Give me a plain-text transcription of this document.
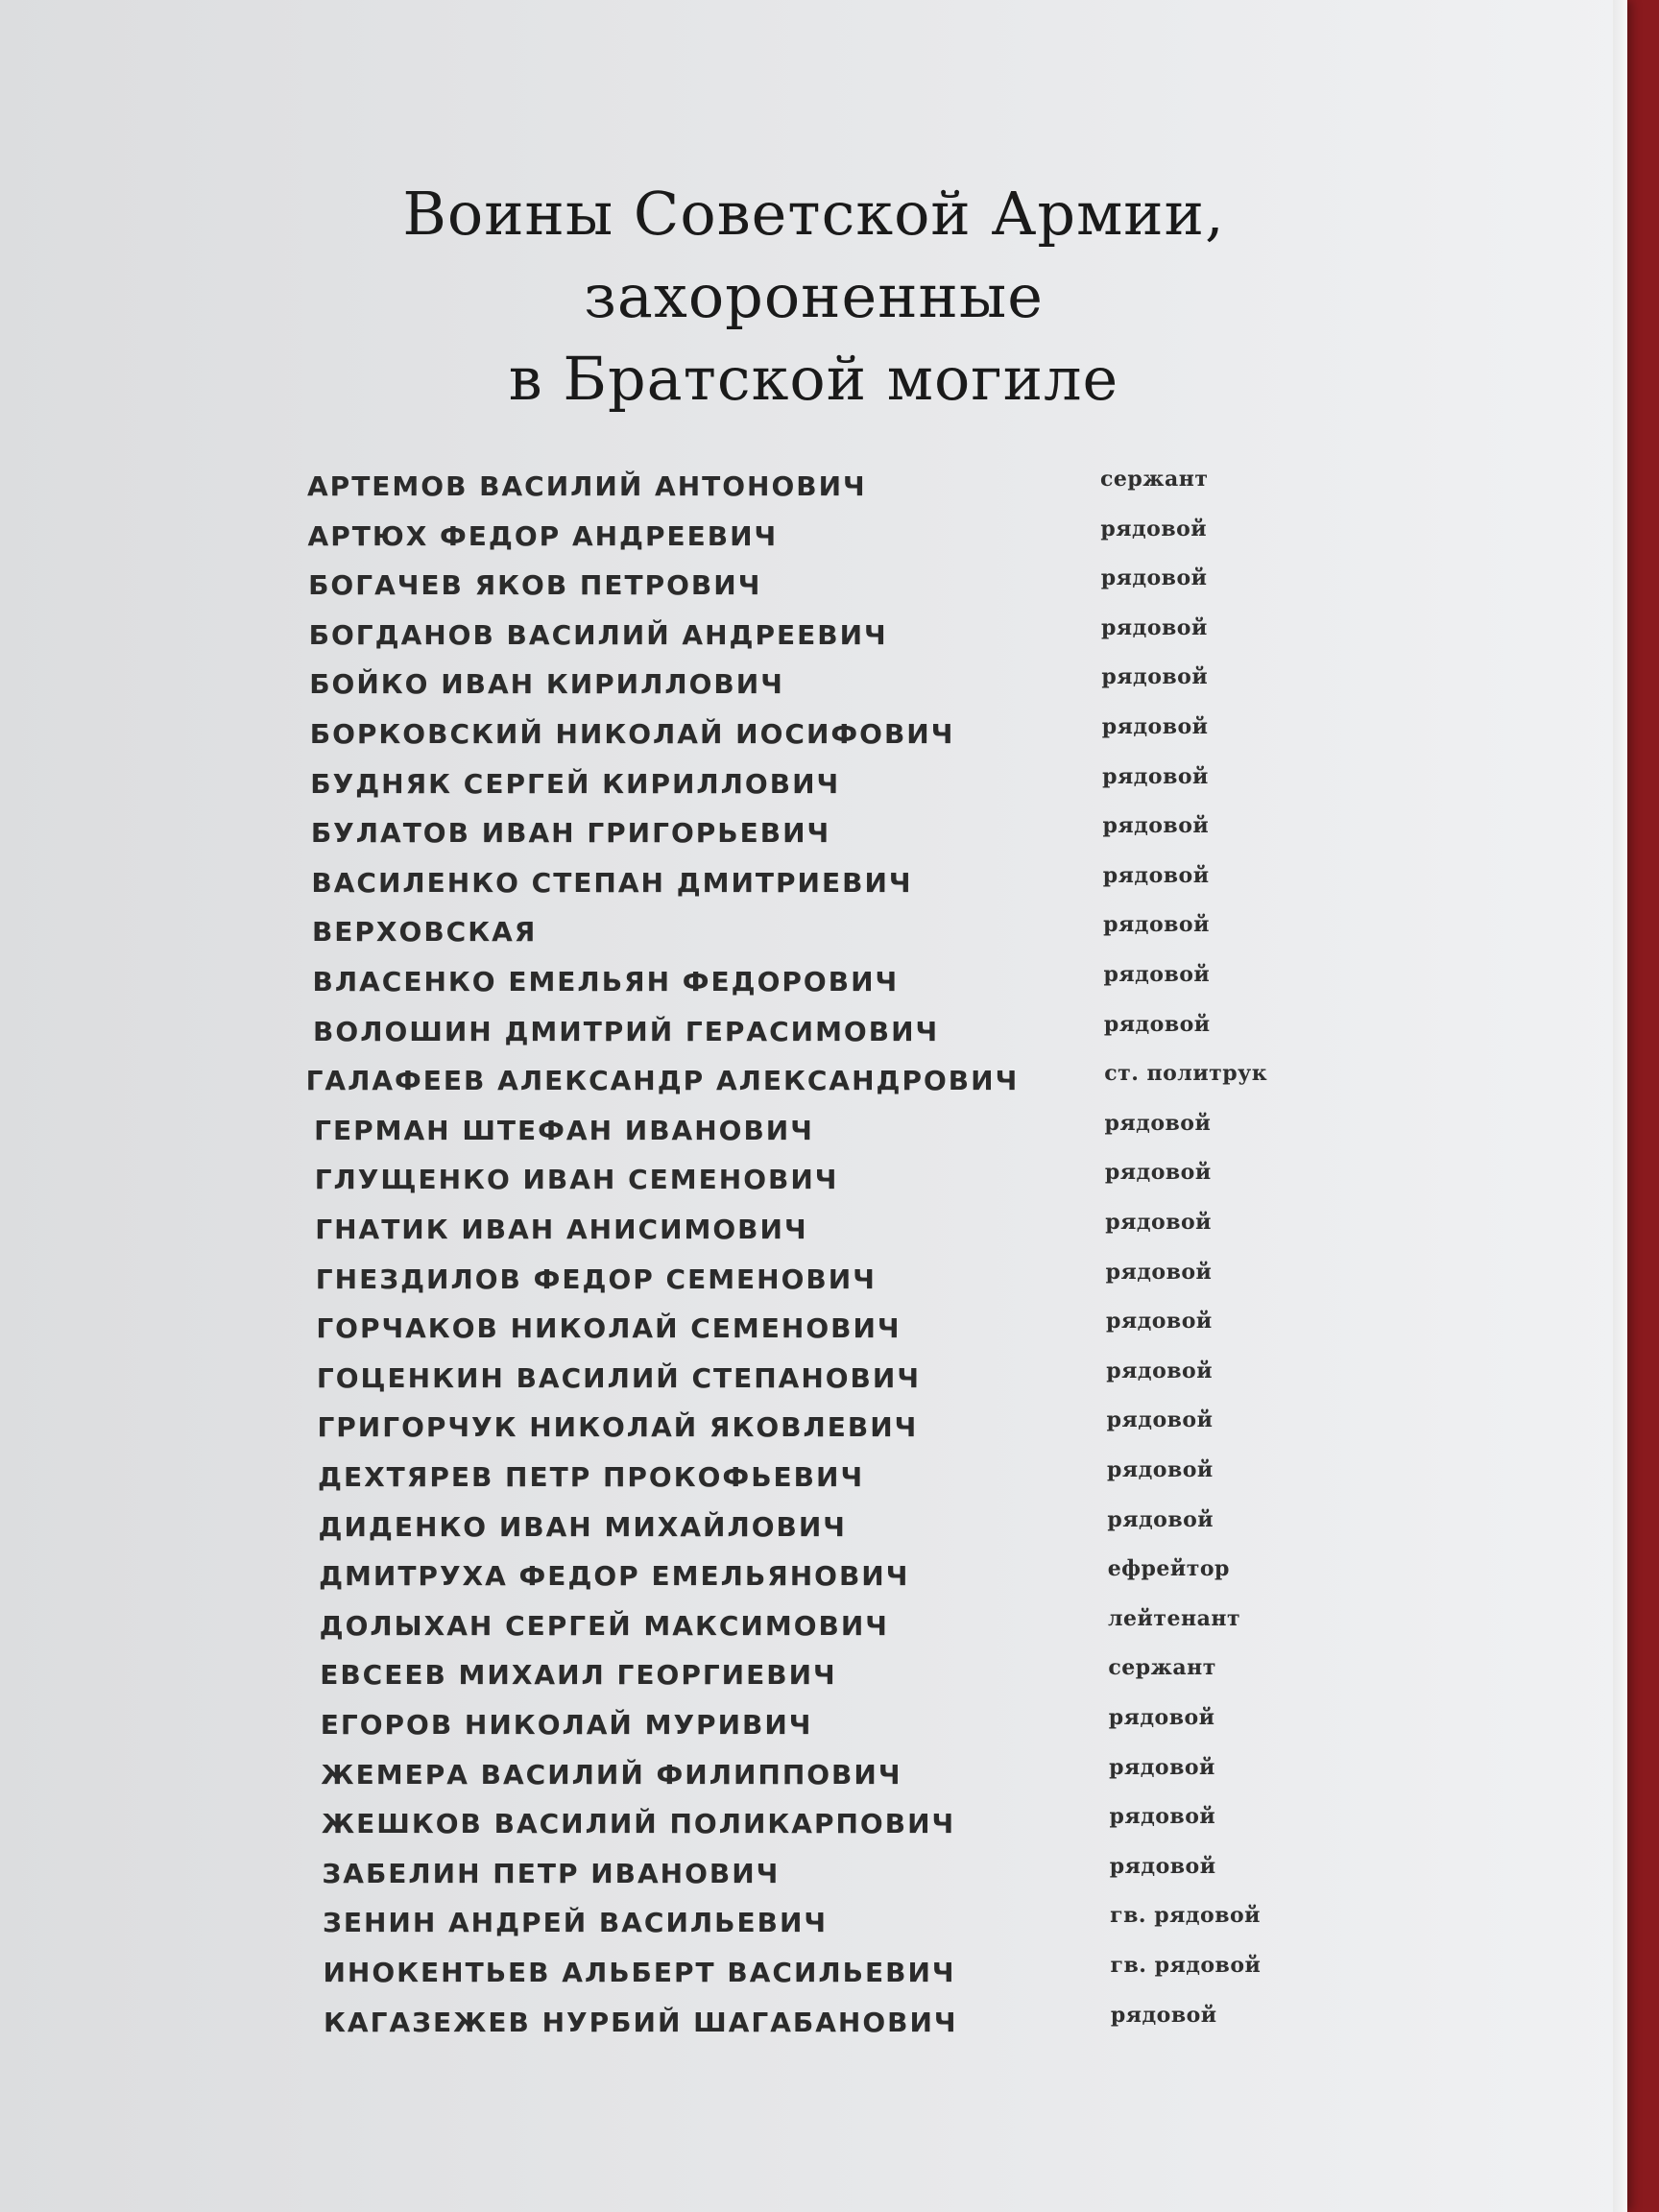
Воины Советской Армии,
захороненные
в Братской могиле
АРТЕМОВ ВАСИЛИЙ АНТОНОВИЧ	сержант
АРТЮХ ФЕДОР АНДРЕЕВИЧ	рядовой
БОГАЧЕВ ЯКОВ ПЕТРОВИЧ	рядовой
БОГДАНОВ ВАСИЛИЙ АНДРЕЕВИЧ	рядовой
БОЙКО ИВАН КИРИЛЛОВИЧ	рядовой
БОРКОВСКИЙ НИКОЛАЙ ИОСИФОВИЧ	рядовой
БУДНЯК СЕРГЕЙ КИРИЛЛОВИЧ	рядовой
БУЛАТОВ ИВАН ГРИГОРЬЕВИЧ	рядовой
ВАСИЛЕНКО СТЕПАН ДМИТРИЕВИЧ	рядовой
ВЕРХОВСКАЯ	рядовой
ВЛАСЕНКО ЕМЕЛЬЯН ФЕДОРОВИЧ	рядовой
ВОЛОШИН ДМИТРИЙ ГЕРАСИМОВИЧ	рядовой
ГАЛАФЕЕВ АЛЕКСАНДР АЛЕКСАНДРОВИЧ	ст. политрук
ГЕРМАН ШТЕФАН ИВАНОВИЧ	рядовой
ГЛУЩЕНКО ИВАН СЕМЕНОВИЧ	рядовой
ГНАТИК ИВАН АНИСИМОВИЧ	рядовой
ГНЕЗДИЛОВ ФЕДОР СЕМЕНОВИЧ	рядовой
ГОРЧАКОВ НИКОЛАЙ СЕМЕНОВИЧ	рядовой
ГОЦЕНКИН ВАСИЛИЙ СТЕПАНОВИЧ	рядовой
ГРИГОРЧУК НИКОЛАЙ ЯКОВЛЕВИЧ	рядовой
ДЕХТЯРЕВ ПЕТР ПРОКОФЬЕВИЧ	рядовой
ДИДЕНКО ИВАН МИХАЙЛОВИЧ	рядовой
ДМИТРУХА ФЕДОР ЕМЕЛЬЯНОВИЧ	ефрейтор
ДОЛЫХАН СЕРГЕЙ МАКСИМОВИЧ	лейтенант
ЕВСЕЕВ МИХАИЛ ГЕОРГИЕВИЧ	сержант
ЕГОРОВ НИКОЛАЙ МУРИВИЧ	рядовой
ЖЕМЕРА ВАСИЛИЙ ФИЛИППОВИЧ	рядовой
ЖЕШКОВ ВАСИЛИЙ ПОЛИКАРПОВИЧ	рядовой
ЗАБЕЛИН ПЕТР ИВАНОВИЧ	рядовой
ЗЕНИН АНДРЕЙ ВАСИЛЬЕВИЧ	гв. рядовой
ИНОКЕНТЬЕВ АЛЬБЕРТ ВАСИЛЬЕВИЧ	гв. рядовой
КАГАЗЕЖЕВ НУРБИЙ ШАГАБАНОВИЧ	рядовой
